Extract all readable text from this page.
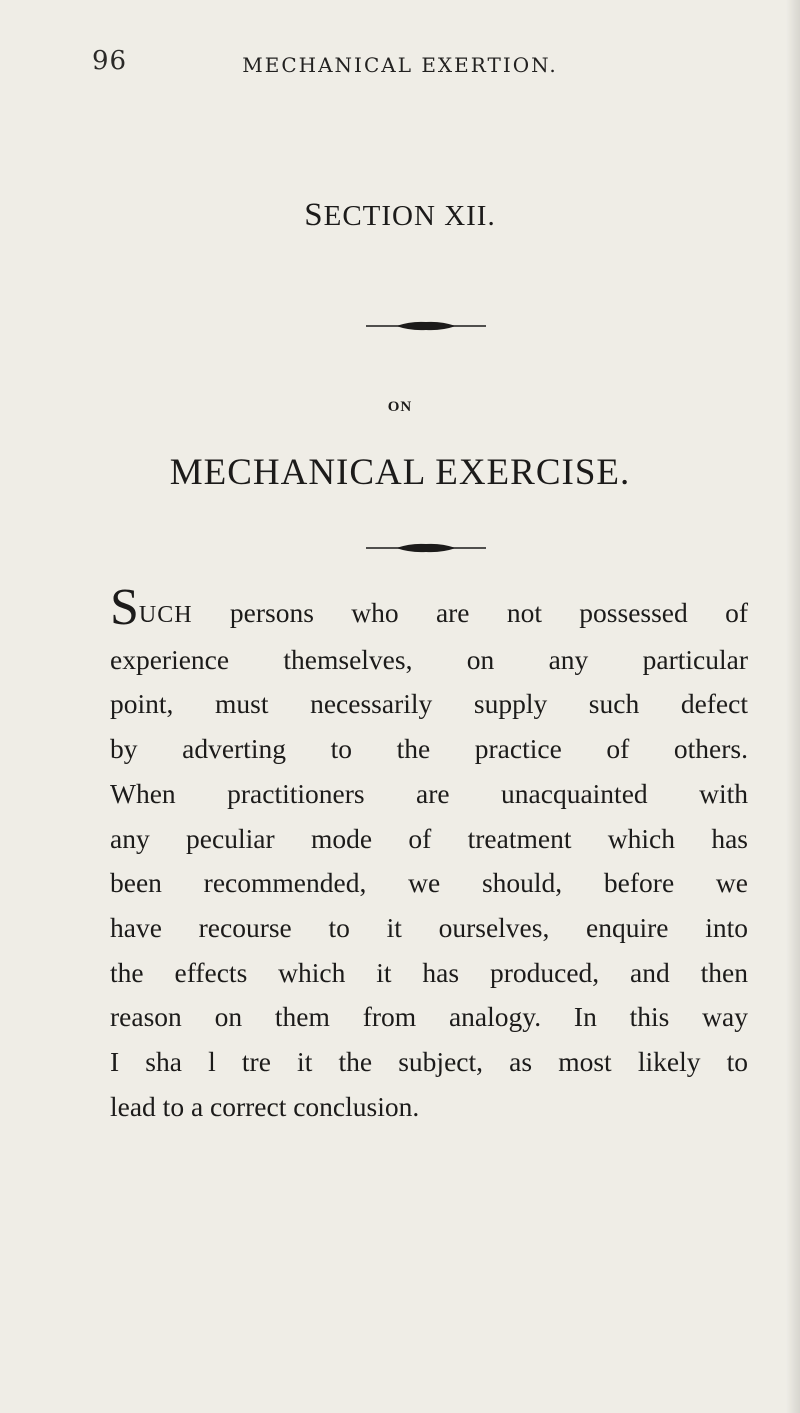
96	MECHANICAL EXERTION.
SECTION XII.
ON
MECHANICAL EXERCISE.
SUCH persons who are not possessed of
experience themselves, on any particular
point, must necessarily supply such defect
by adverting to the practice of others.
When practitioners are unacquainted with
any peculiar mode of treatment which has
been recommended, we should, before we
have recourse to it ourselves, enquire into
the effects which it has produced, and then
reason on them from analogy. In this way
I sha l tre it the subject, as most likely to
lead to a correct conclusion.
